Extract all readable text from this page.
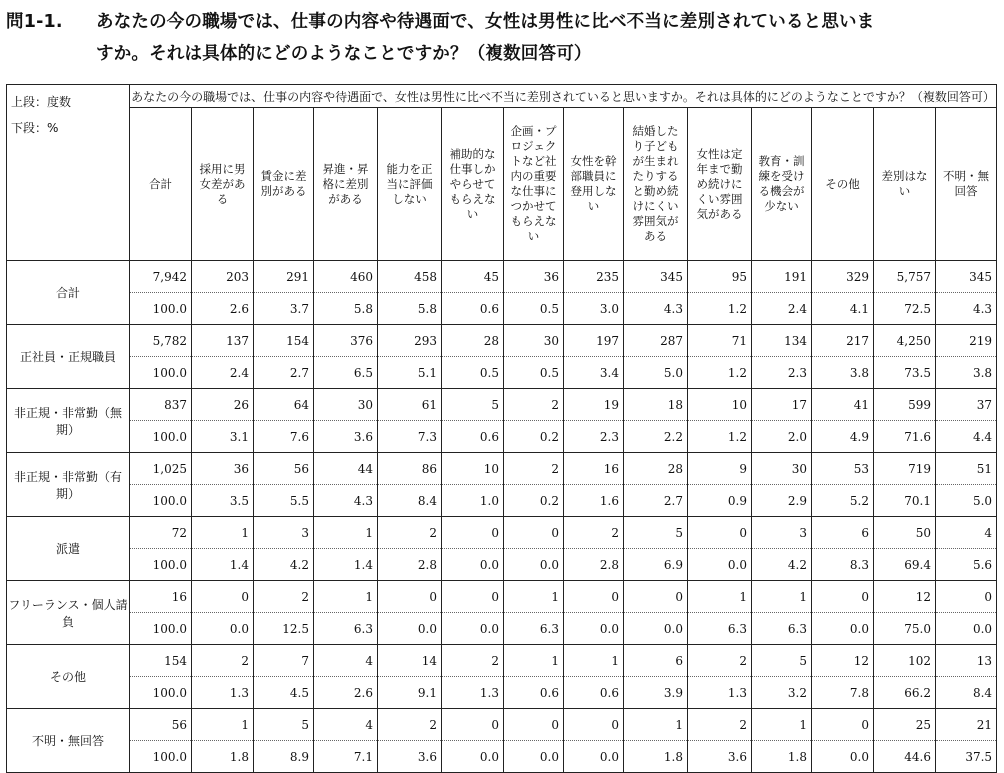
問1-1. あなたの今の職場では、仕事の内容や待遇面で、女性は男性に比べ不当に差別されていると思いま
すか。それは具体的にどのようなことですか？（複数回答可）
上段：度数
下段：%	あなたの今の職場では、仕事の内容や待遇面で、女性は男性に比べ不当に差別されていると思いますか。それは具体的にどのようなことですか？（複数回答可）													
	合計	採用に男女差がある	賃金に差別がある	昇進・昇格に差別がある	能力を正当に評価しない	補助的な仕事しかやらせてもらえない	企画・プロジェクトなど社内の重要な仕事につかせてもらえない	女性を幹部職員に登用しない	結婚したり子どもが生まれたりすると勤め続けにくい雰囲気がある	女性は定年まで勤め続けにくい雰囲気がある	教育・訓練を受ける機会が少ない	その他	差別はない	不明・無回答
合計	7,942	203	291	460	458	45	36	235	345	95	191	329	5,757	345
	100.0	2.6	3.7	5.8	5.8	0.6	0.5	3.0	4.3	1.2	2.4	4.1	72.5	4.3
正社員・正規職員	5,782	137	154	376	293	28	30	197	287	71	134	217	4,250	219
	100.0	2.4	2.7	6.5	5.1	0.5	0.5	3.4	5.0	1.2	2.3	3.8	73.5	3.8
非正規・非常勤（無期）	837	26	64	30	61	5	2	19	18	10	17	41	599	37
	100.0	3.1	7.6	3.6	7.3	0.6	0.2	2.3	2.2	1.2	2.0	4.9	71.6	4.4
非正規・非常勤（有期）	1,025	36	56	44	86	10	2	16	28	9	30	53	719	51
	100.0	3.5	5.5	4.3	8.4	1.0	0.2	1.6	2.7	0.9	2.9	5.2	70.1	5.0
派遣	72	1	3	1	2	0	0	2	5	0	3	6	50	4
	100.0	1.4	4.2	1.4	2.8	0.0	0.0	2.8	6.9	0.0	4.2	8.3	69.4	5.6
フリーランス・個人請負	16	0	2	1	0	0	1	0	0	1	1	0	12	0
	100.0	0.0	12.5	6.3	0.0	0.0	6.3	0.0	0.0	6.3	6.3	0.0	75.0	0.0
その他	154	2	7	4	14	2	1	1	6	2	5	12	102	13
	100.0	1.3	4.5	2.6	9.1	1.3	0.6	0.6	3.9	1.3	3.2	7.8	66.2	8.4
不明・無回答	56	1	5	4	2	0	0	0	1	2	1	0	25	21
	100.0	1.8	8.9	7.1	3.6	0.0	0.0	0.0	1.8	3.6	1.8	0.0	44.6	37.5
